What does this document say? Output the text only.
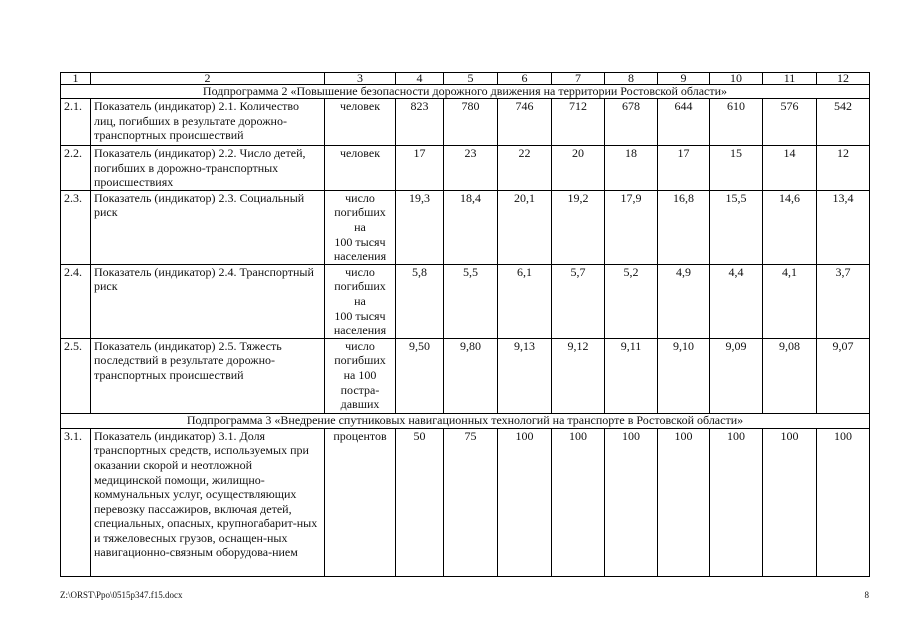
1	2	3	4	5	6	7	8	9	10	11	12
Подпрограмма 2 «Повышение безопасности дорожного движения на территории Ростовской области»											
2.1.	Показатель (индикатор) 2.1. Количество лиц, погибших в результате дорожно-транспортных происшествий	человек	823	780	746	712	678	644	610	576	542
2.2.	Показатель (индикатор) 2.2. Число детей, погибших в дорожно-транспортных происшествиях	человек	17	23	22	20	18	17	15	14	12
2.3.	Показатель (индикатор) 2.3. Социальный риск	число погибших на 100 тысяч населения	19,3	18,4	20,1	19,2	17,9	16,8	15,5	14,6	13,4
2.4.	Показатель (индикатор) 2.4. Транспортный риск	число погибших на 100 тысяч населения	5,8	5,5	6,1	5,7	5,2	4,9	4,4	4,1	3,7
2.5.	Показатель (индикатор) 2.5. Тяжесть последствий в результате дорожно-транспортных происшествий	число погибших на 100 постра-давших	9,50	9,80	9,13	9,12	9,11	9,10	9,09	9,08	9,07
Подпрограмма 3 «Внедрение спутниковых навигационных технологий на транспорте в Ростовской области»											
3.1.	Показатель (индикатор) 3.1. Доля транспортных средств, используемых при оказании скорой и неотложной медицинской помощи, жилищно-коммунальных услуг, осуществляющих перевозку пассажиров, включая детей, специальных, опасных, крупногабарит-ных и тяжеловесных грузов, оснащен-ных навигационно-связным оборудова-нием	процентов	50	75	100	100	100	100	100	100	100
Z:\ORST\Ppo\0515p347.f15.docx	8
